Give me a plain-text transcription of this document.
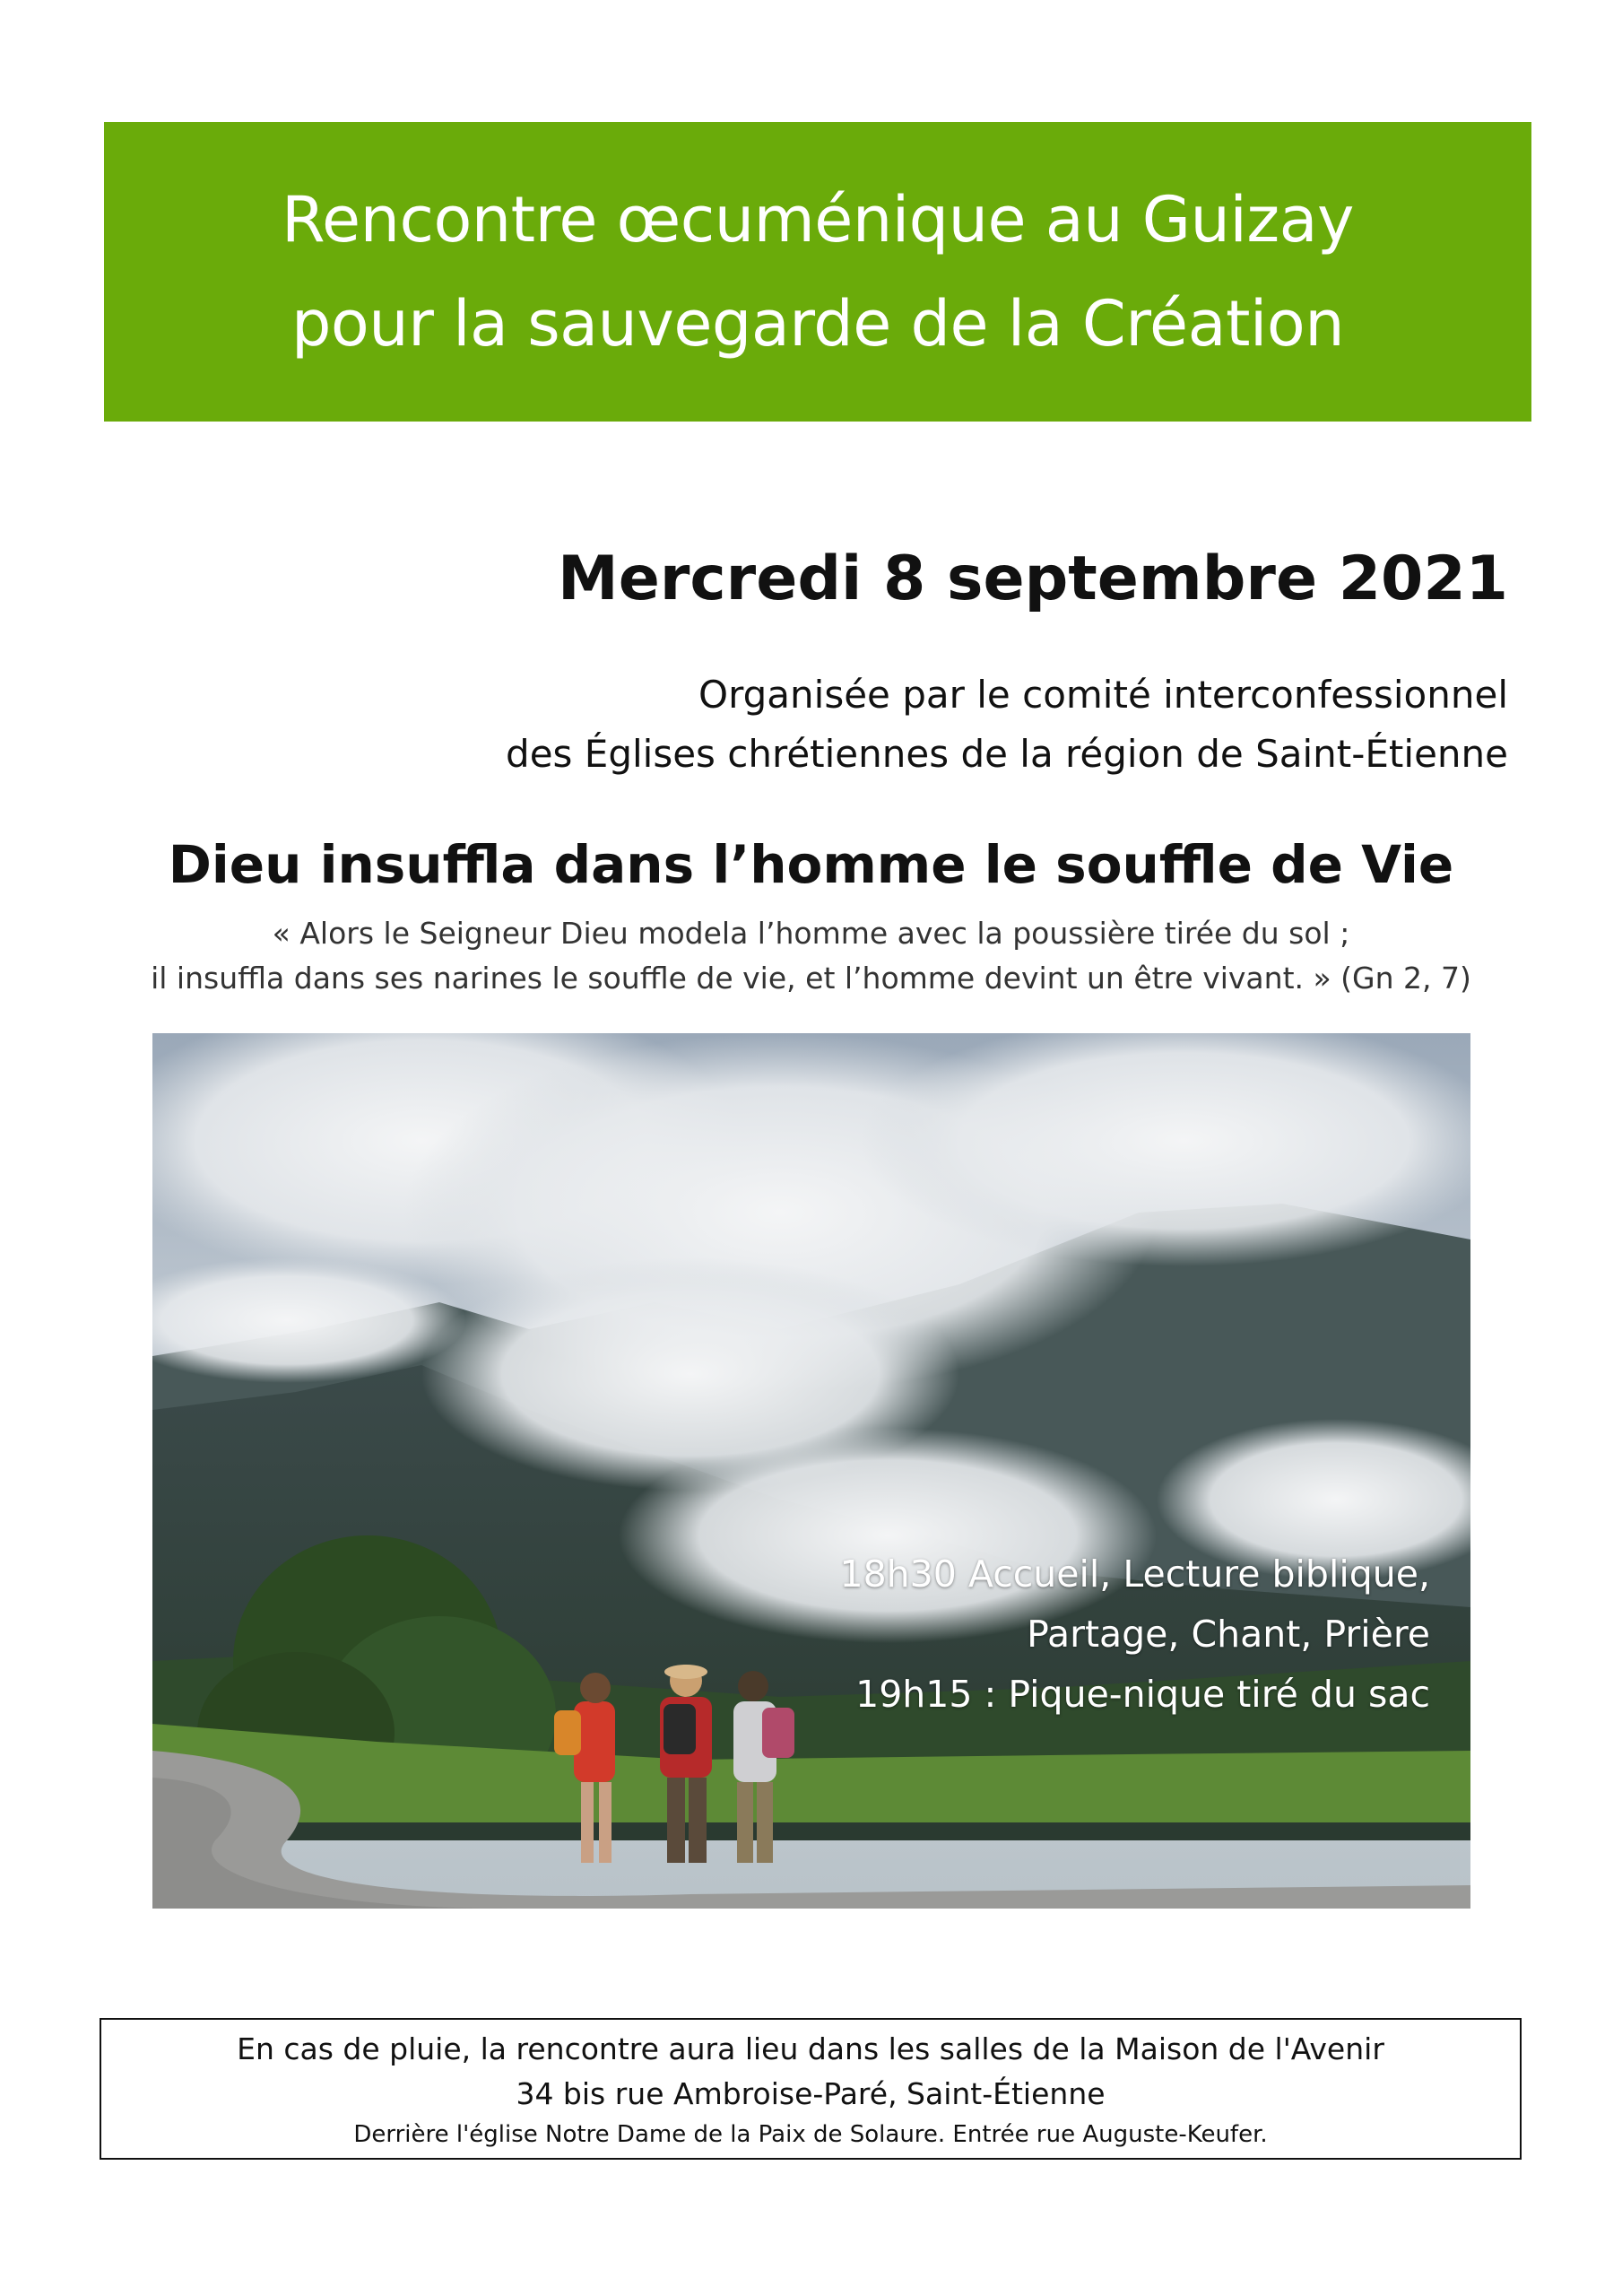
Rencontre œcuménique au Guizay
pour la sauvegarde de la Création
Mercredi 8 septembre 2021
Organisée par le comité interconfessionnel
des Églises chrétiennes de la région de Saint-Étienne
Dieu insuffla dans l’homme le souffle de Vie
« Alors le Seigneur Dieu modela l’homme avec la poussière tirée du sol ;
il insuffla dans ses narines le souffle de vie, et l’homme devint un être vivant. » (Gn 2, 7)
18h30 Accueil, Lecture biblique,
Partage, Chant, Prière
19h15 : Pique-nique tiré du sac
En cas de pluie, la rencontre aura lieu dans les salles de la Maison de l'Avenir
34 bis rue Ambroise-Paré, Saint-Étienne
Derrière l'église Notre Dame de la Paix de Solaure. Entrée rue Auguste-Keufer.
